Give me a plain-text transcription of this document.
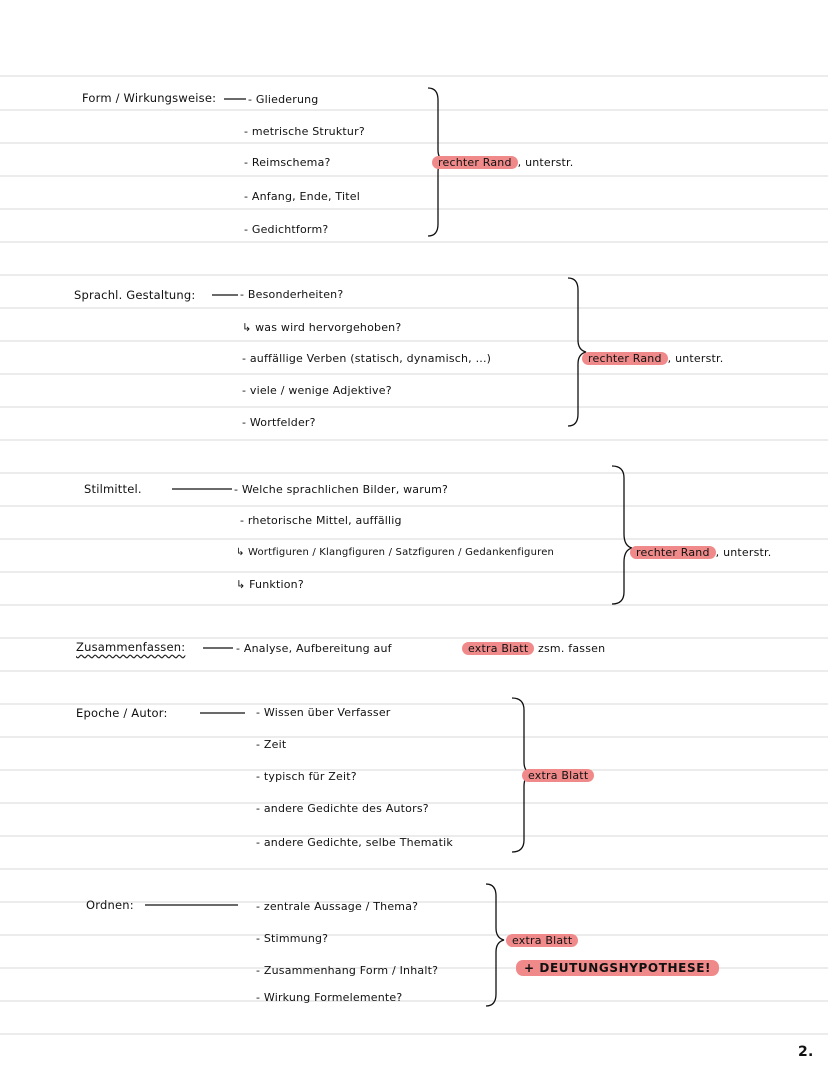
Form / Wirkungsweise:	- Gliederung
- metrische Struktur?
- Reimschema?
- Anfang, Ende, Titel
- Gedichtform?
rechter Rand , unterstr.
Sprachl. Gestaltung:	- Besonderheiten?
↳ was wird hervorgehoben?
- auffällige Verben (statisch, dynamisch, ...)
- viele / wenige Adjektive?
- Wortfelder?
rechter Rand , unterstr.
Stilmittel.	- Welche sprachlichen Bilder, warum?
- rhetorische Mittel, auffällig
↳ Wortfiguren / Klangfiguren / Satzfiguren / Gedankenfiguren
↳ Funktion?
rechter Rand , unterstr.
Zusammenfassen:	- Analyse, Aufbereitung auf	extra Blatt zsm. fassen
Epoche / Autor:	- Wissen über Verfasser
- Zeit
- typisch für Zeit?
- andere Gedichte des Autors?
- andere Gedichte, selbe Thematik
extra Blatt
Ordnen:	- zentrale Aussage / Thema?
- Stimmung?
- Zusammenhang Form / Inhalt?
- Wirkung Formelemente?
extra Blatt
+ DEUTUNGSHYPOTHESE!
2.
